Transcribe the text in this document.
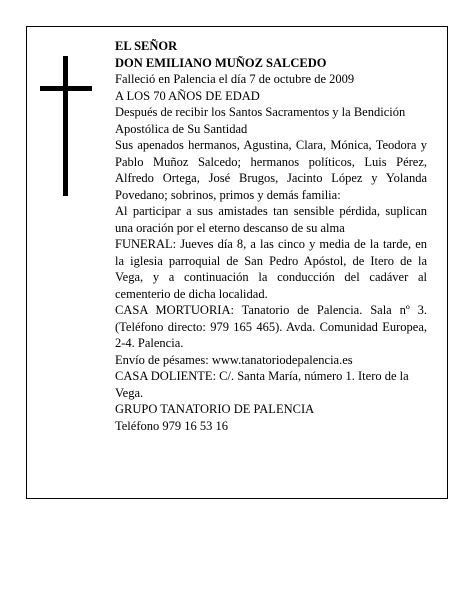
EL SEÑOR
DON EMILIANO MUÑOZ SALCEDO
Falleció en Palencia el día 7 de octubre de 2009
A LOS 70 AÑOS DE EDAD
Después de recibir los Santos Sacramentos y la Bendición Apostólica de Su Santidad
Sus apenados hermanos, Agustina, Clara, Mónica, Teodora y Pablo Muñoz Salcedo; hermanos políticos, Luis Pérez, Alfredo Ortega, José Brugos, Jacinto López y Yolanda Povedano; sobrinos, primos y demás familia:
Al participar a sus amistades tan sensible pérdida, suplican una oración por el eterno descanso de su alma
FUNERAL: Jueves día 8, a las cinco y media de la tarde, en la iglesia parroquial de San Pedro Apóstol, de Itero de la Vega, y a continuación la conducción del cadáver al cementerio de dicha localidad.
CASA MORTUORIA: Tanatorio de Palencia. Sala nº 3. (Teléfono directo: 979 165 465). Avda. Comunidad Europea, 2-4. Palencia.
Envío de pésames: www.tanatoriodepalencia.es
CASA DOLIENTE: C/. Santa María, número 1. Itero de la Vega.
GRUPO TANATORIO DE PALENCIA
Teléfono 979 16 53 16
